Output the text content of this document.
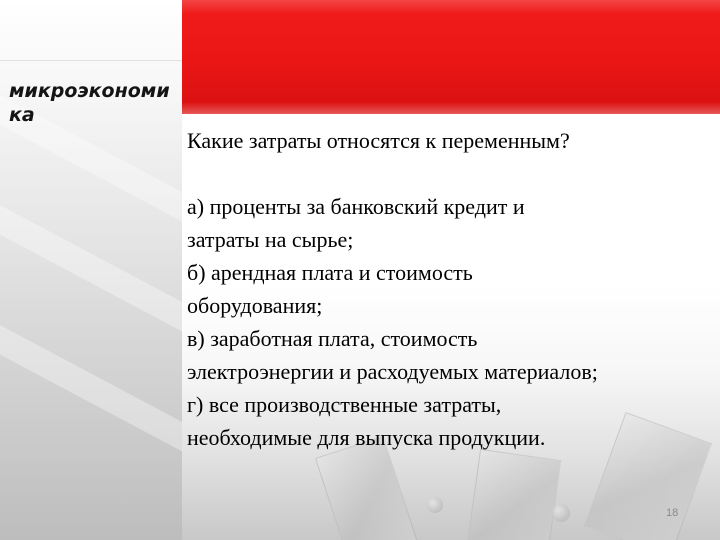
микроэкономика
Какие затраты относятся к переменным?
а) проценты за банковский кредит и
затраты на сырье;
б) арендная плата и стоимость
оборудования;
в) заработная плата, стоимость
электроэнергии и расходуемых материалов;
г) все производственные затраты,
необходимые для выпуска продукции.
18
